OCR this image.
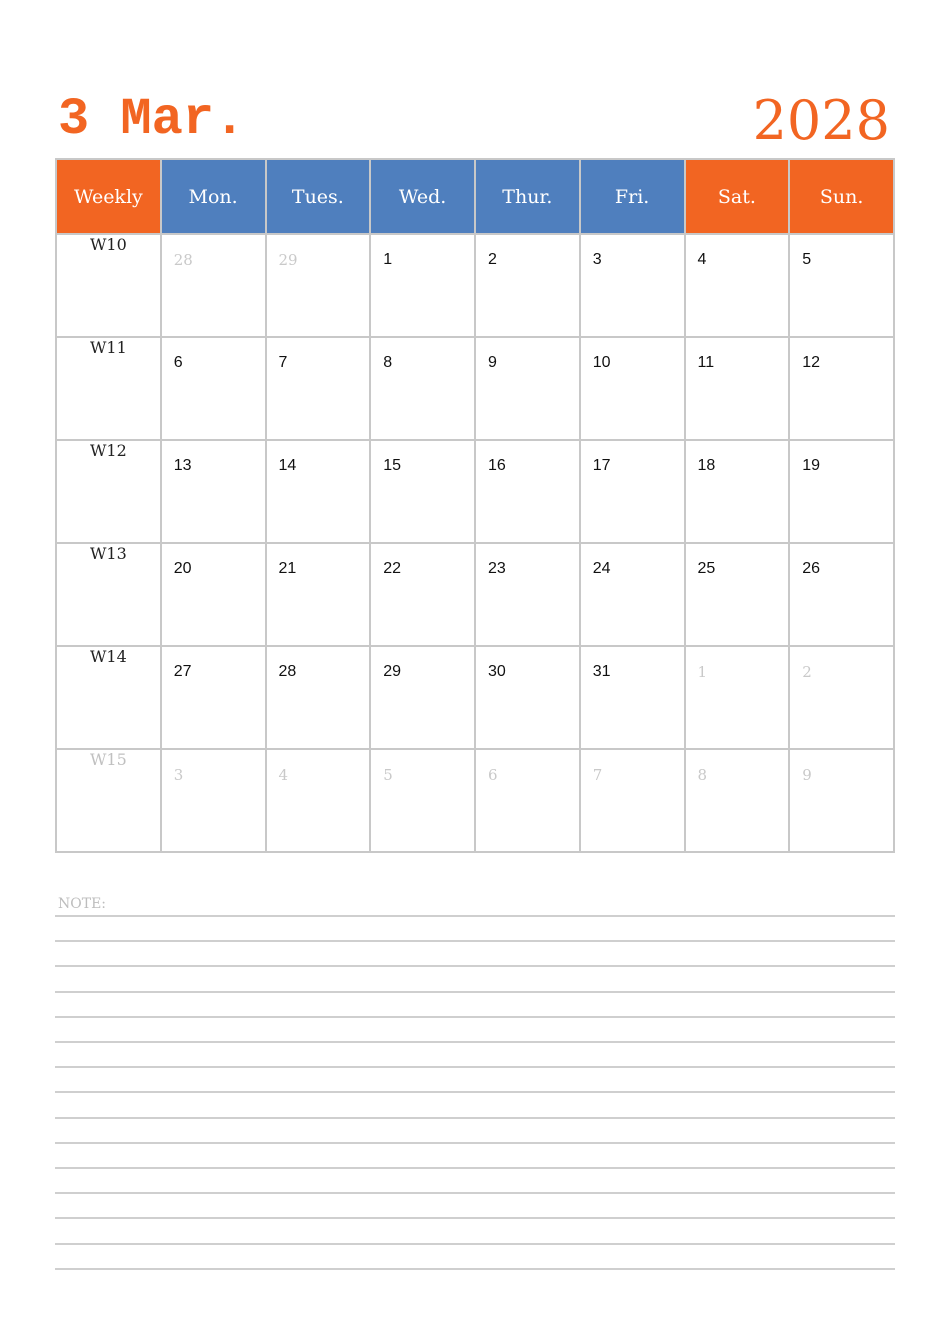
3 Mar.	2028
Weekly	Mon.	Tues.	Wed.	Thur.	Fri.	Sat.	Sun.
W10	28	29	1	2	3	4	5

W11	6	7	8	9	10	11	12

W12	13	14	15	16	17	18	19

W13	20	21	22	23	24	25	26

W14	27	28	29	30	31	1	2

W15	3	4	5	6	7	8	9
NOTE:
